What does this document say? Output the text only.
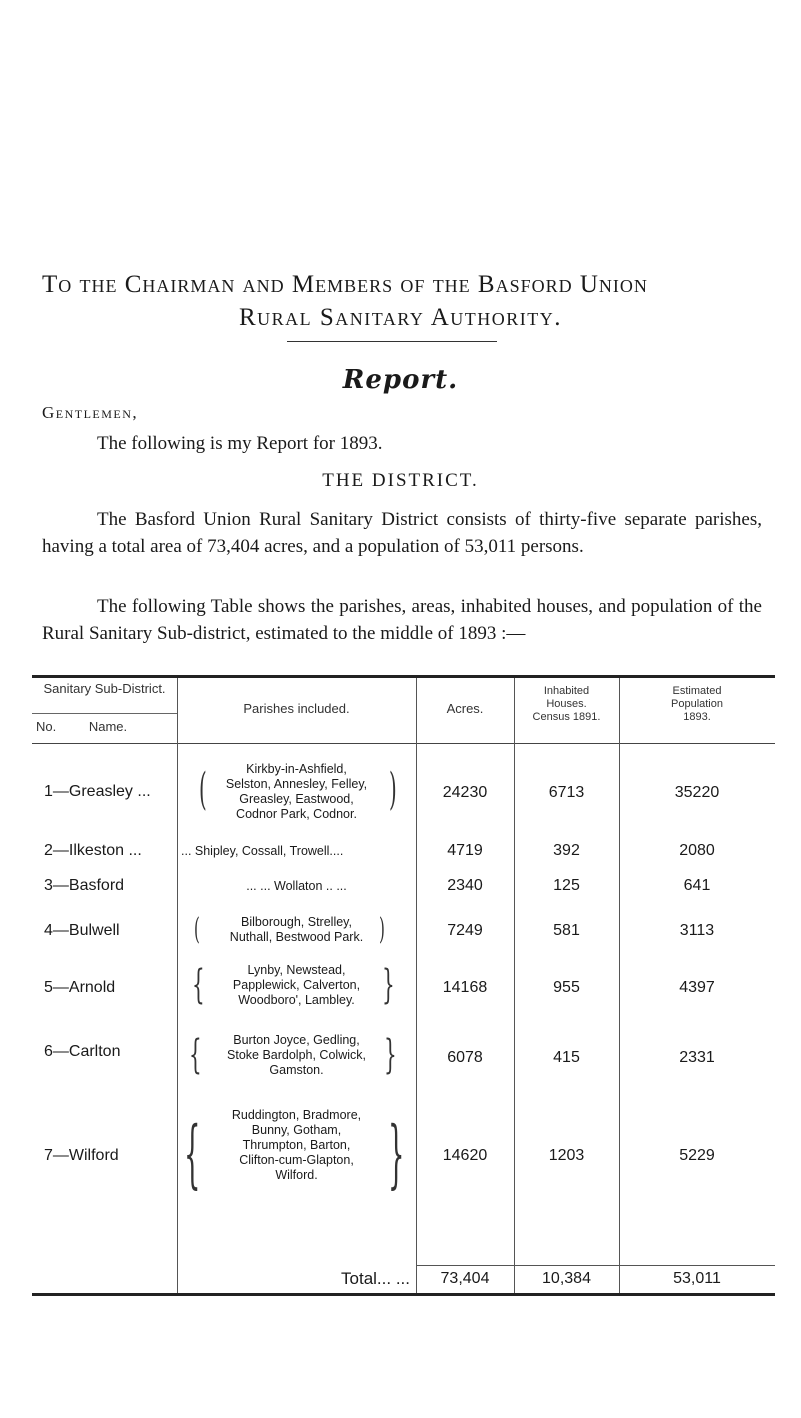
To the Chairman and Members of the Basford Union
Rural Sanitary Authority.
Report.
Gentlemen,
The following is my Report for 1893.
THE DISTRICT.
The Basford Union Rural Sanitary District consists of thirty-five separate parishes, having a total area of 73,404 acres, and a population of 53,011 persons.
The following Table shows the parishes, areas, inhabited houses, and population of the Rural Sanitary Sub-district, estimated to the middle of 1893 :—
Sanitary Sub-District.
No.	Name.
Parishes included.	Acres.
Inhabited
Houses.
Census 1891.
Estimated
Population
1893.
1—Greasley ...	(	Kirkby-in-Ashfield,
Selston, Annesley, Felley,
Greasley, Eastwood,
Codnor Park, Codnor. )	24230	6713	35220
2—Ilkeston ...	... Shipley, Cossall, Trowell....	4719	392	2080
3—Basford	... ... Wollaton .. ...	2340	125	641
4—Bulwell	(	Bilborough, Strelley,
Nuthall, Bestwood Park. )	7249	581	3113
5—Arnold	{	Lynby, Newstead,
Papplewick, Calverton,
Woodboro', Lambley. }	14168	955	4397
6—Carlton	{	Burton Joyce, Gedling,
Stoke Bardolph, Colwick,
Gamston.	}	6078	415	2331
7—Wilford {	Ruddington, Bradmore,
Bunny, Gotham,
Thrumpton, Barton,
Clifton-cum-Glapton,
Wilford. }	14620	1203	5229
Total... ...	73,404	10,384	53,011
